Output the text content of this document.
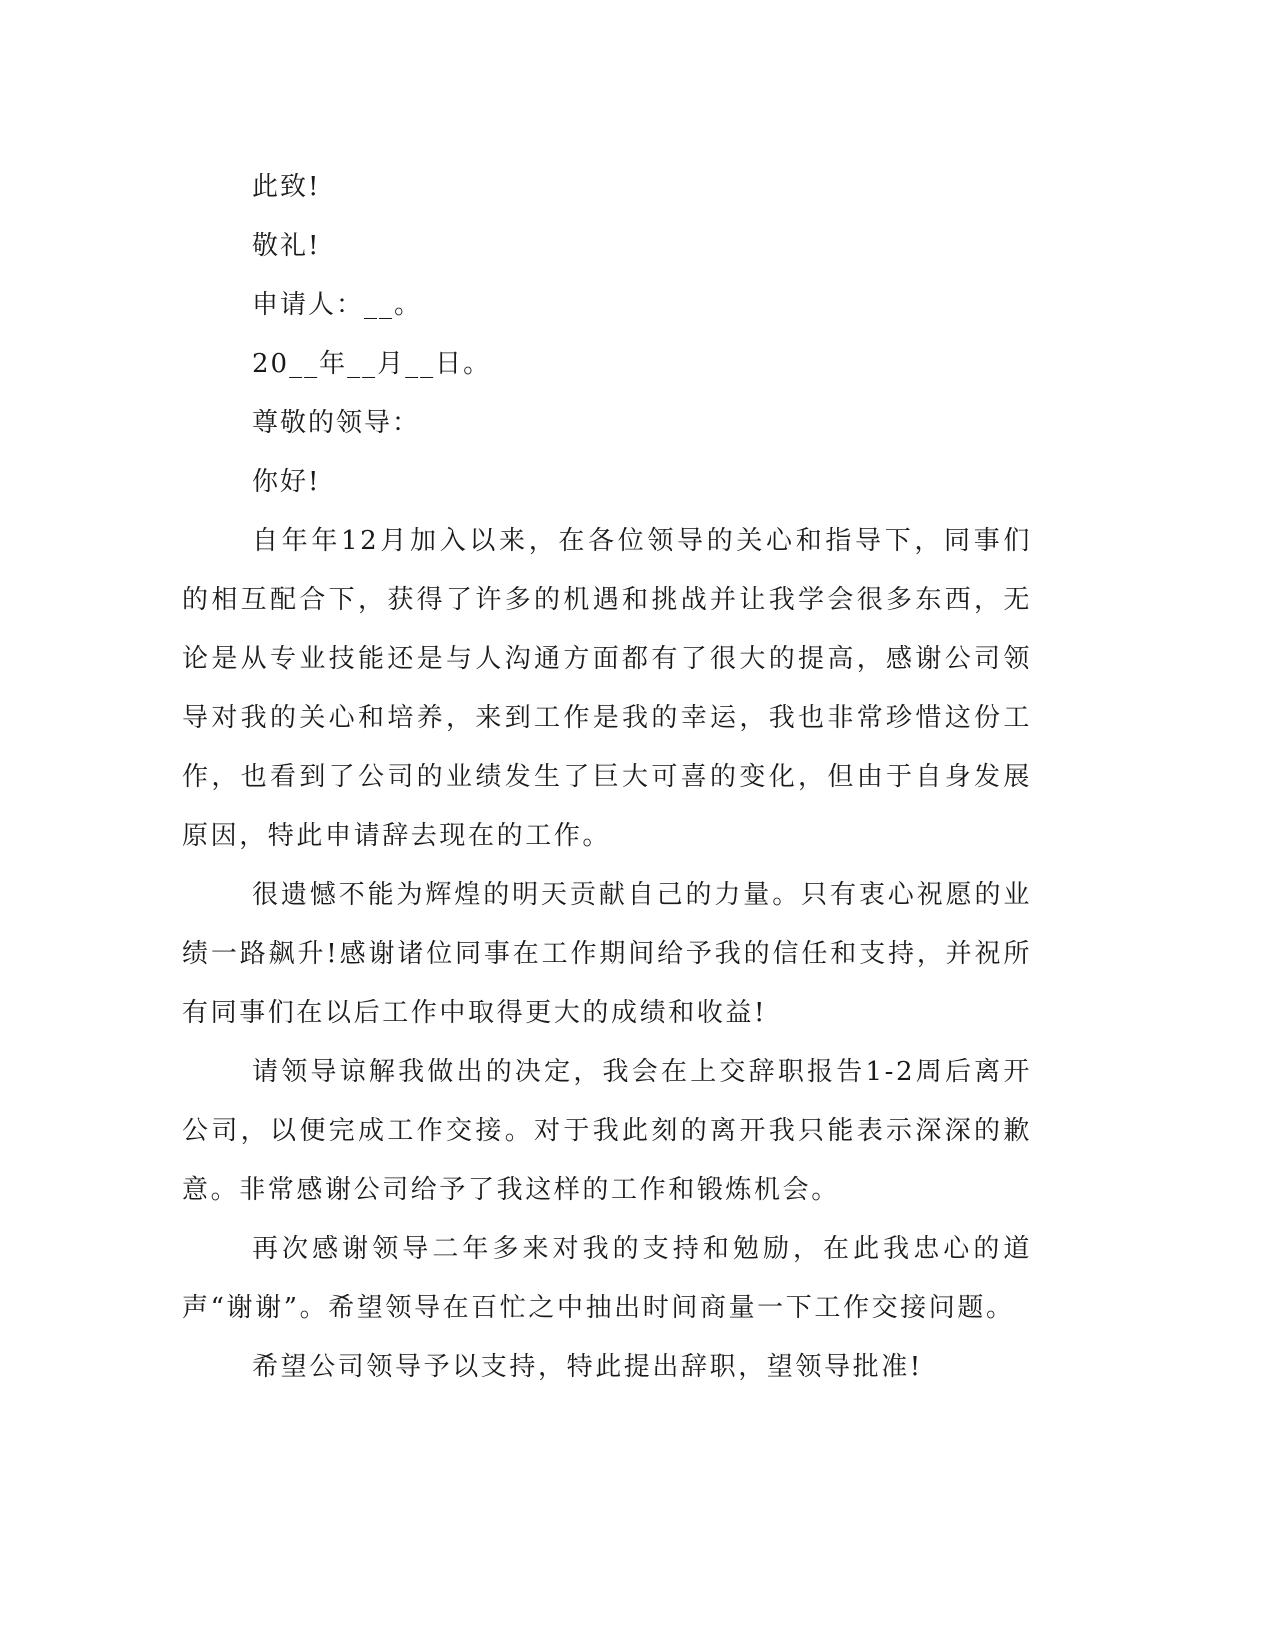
此致!
敬礼!
申请人：__。
20__年__月__日。
尊敬的领导：
你好!

自年年12月加入以来，在各位领导的关心和指导下，同事们的相互配合下，获得了许多的机遇和挑战并让我学会很多东西，无论是从专业技能还是与人沟通方面都有了很大的提高，感谢公司领导对我的关心和培养，来到工作是我的幸运，我也非常珍惜这份工作，也看到了公司的业绩发生了巨大可喜的变化，但由于自身发展原因，特此申请辞去现在的工作。

很遗憾不能为辉煌的明天贡献自己的力量。只有衷心祝愿的业绩一路飙升!感谢诸位同事在工作期间给予我的信任和支持，并祝所有同事们在以后工作中取得更大的成绩和收益!

请领导谅解我做出的决定，我会在上交辞职报告1-2周后离开公司，以便完成工作交接。对于我此刻的离开我只能表示深深的歉意。非常感谢公司给予了我这样的工作和锻炼机会。

再次感谢领导二年多来对我的支持和勉励，在此我忠心的道声“谢谢”。希望领导在百忙之中抽出时间商量一下工作交接问题。

希望公司领导予以支持，特此提出辞职，望领导批准!
